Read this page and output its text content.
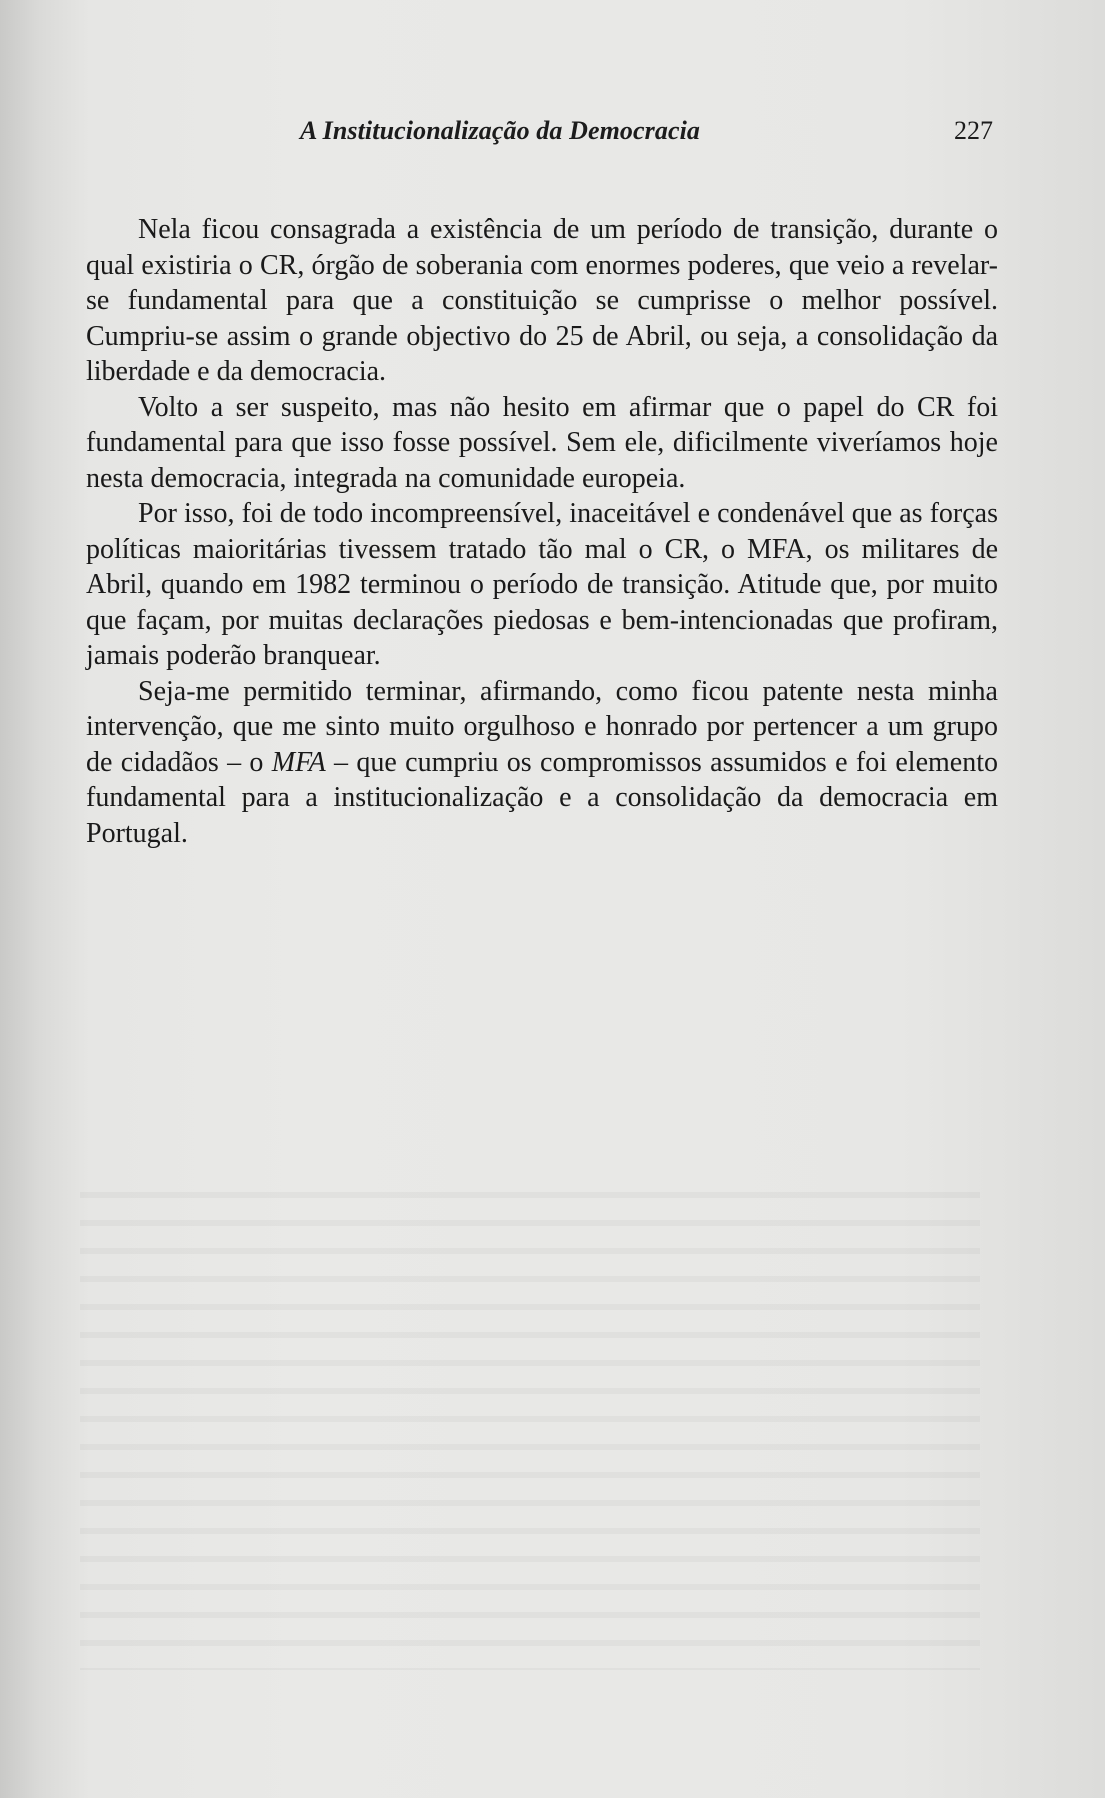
A Institucionalização da Democracia	227

Nela ficou consagrada a existência de um período de transição, durante o qual existiria o CR, órgão de soberania com enormes poderes, que veio a revelar-se fundamental para que a constituição se cumprisse o melhor possível. Cumpriu-se assim o grande objectivo do 25 de Abril, ou seja, a consolidação da liberdade e da democracia.

Volto a ser suspeito, mas não hesito em afirmar que o papel do CR foi fundamental para que isso fosse possível. Sem ele, dificilmente viveríamos hoje nesta democracia, integrada na comunidade europeia.

Por isso, foi de todo incompreensível, inaceitável e condenável que as forças políticas maioritárias tivessem tratado tão mal o CR, o MFA, os militares de Abril, quando em 1982 terminou o período de transição. Atitude que, por muito que façam, por muitas declarações piedosas e bem-intencionadas que profiram, jamais poderão branquear.

Seja-me permitido terminar, afirmando, como ficou patente nesta minha intervenção, que me sinto muito orgulhoso e honrado por pertencer a um grupo de cidadãos – o MFA – que cumpriu os compromissos assumidos e foi elemento fundamental para a institucionalização e a consolidação da democracia em Portugal.
